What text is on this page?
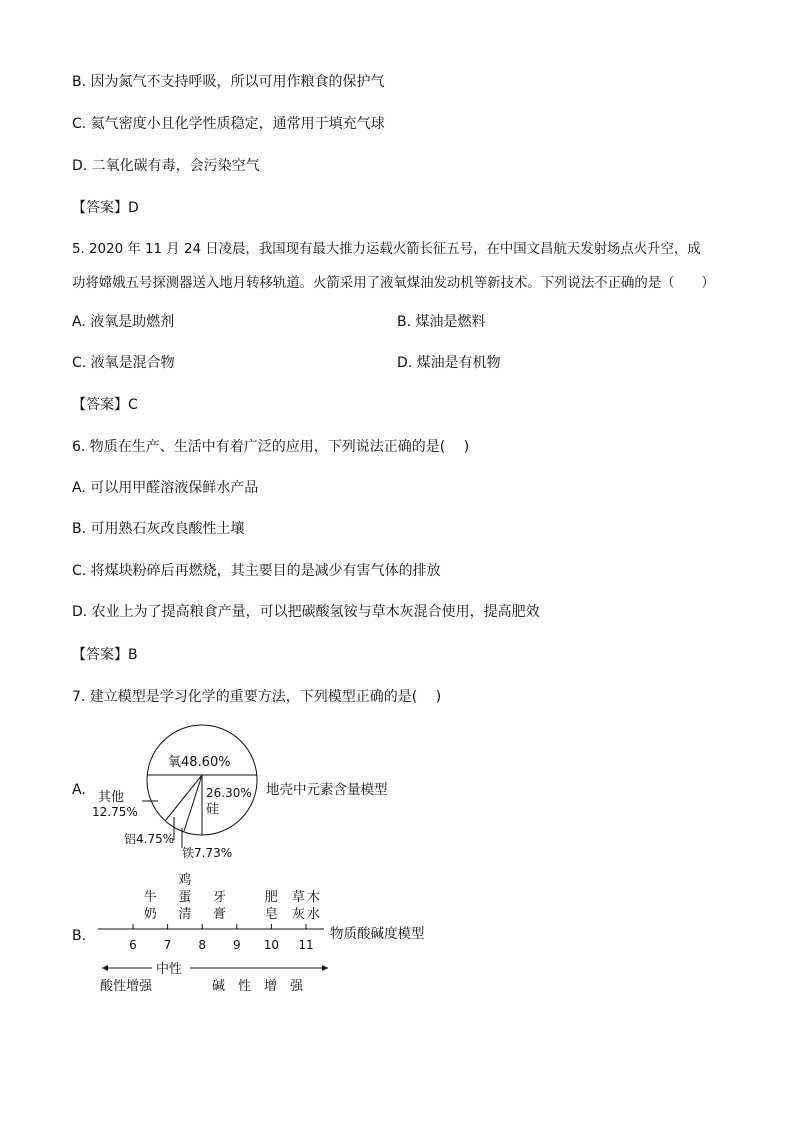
B. 因为氮气不支持呼吸，所以可用作粮食的保护气
C. 氦气密度小且化学性质稳定，通常用于填充气球
D. 二氧化碳有毒，会污染空气
【答案】D
5. 2020 年 11 月 24 日凌晨，我国现有最大推力运载火箭长征五号，在中国文昌航天发射场点火升空，成
功将嫦娥五号探测器送入地月转移轨道。火箭采用了液氧煤油发动机等新技术。下列说法不正确的是（　　）
A. 液氧是助燃剂	B. 煤油是燃料
C. 液氧是混合物	D. 煤油是有机物
【答案】C
6. 物质在生产、生活中有着广泛的应用，下列说法正确的是(　 )
A. 可以用甲醛溶液保鲜水产品
B. 可用熟石灰改良酸性土壤
C. 将煤块粉碎后再燃烧，其主要目的是减少有害气体的排放
D. 农业上为了提高粮食产量，可以把碳酸氢铵与草木灰混合使用，提高肥效
【答案】B
7. 建立模型是学习化学的重要方法，下列模型正确的是(　 )
A.
氧48.60%
26.30%
硅
其他
12.75%
铝4.75%
铁7.73%
地壳中元素含量模型
B.
6 7 8 9 10 11
牛
奶
鸡
蛋
清
牙
膏
肥
皂
草
灰
木
水
物质酸碱度模型
中性
酸性增强	碱　性　增　强
